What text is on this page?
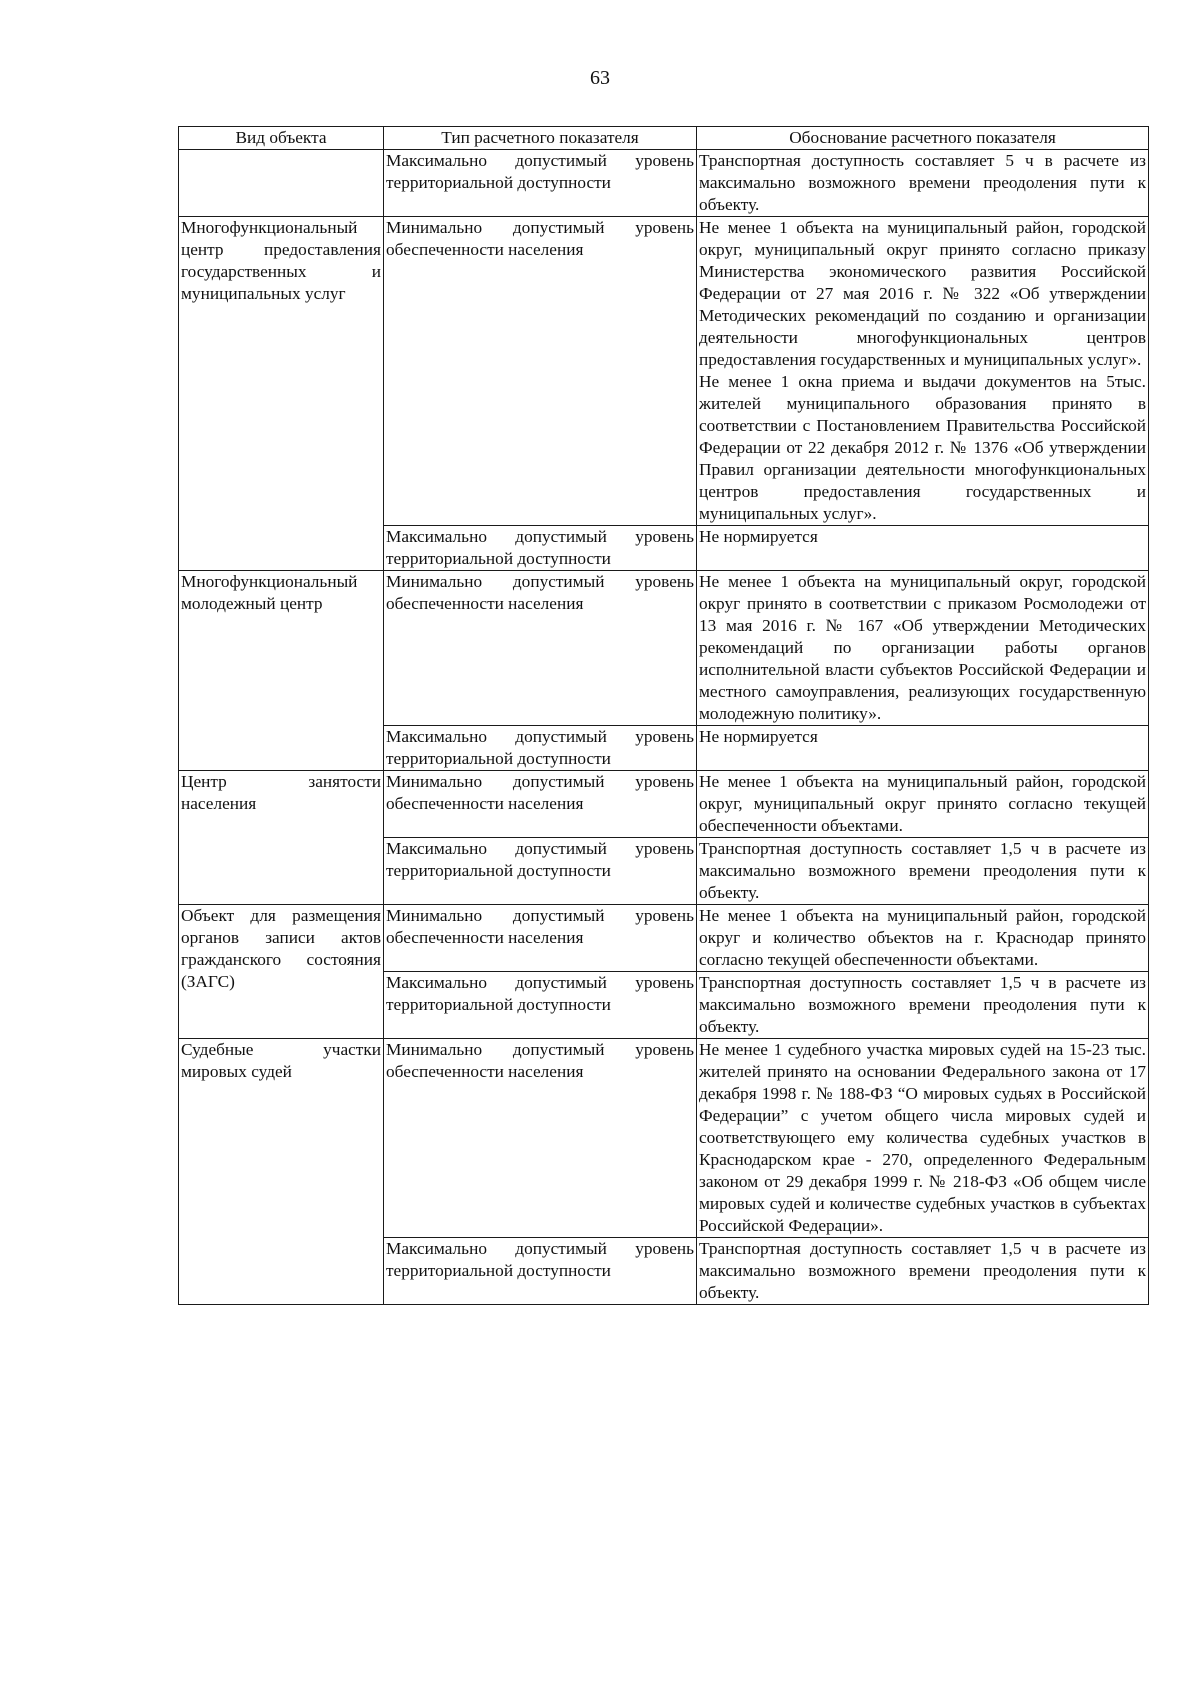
63
Вид объекта	Тип расчетного показателя	Обоснование расчетного показателя
	Максимально допустимый уровень территориальной доступности	Транспортная доступность составляет 5 ч в расчете из максимально возможного времени преодоления пути к объекту.

Многофункциональный центр предоставления государственных и муниципальных услуг	Минимально допустимый уровень обеспеченности населения	Не менее 1 объекта на муниципальный район, городской округ, муниципальный округ принято согласно приказу Министерства экономического развития Российской Федерации от 27 мая 2016 г. № 322 «Об утверждении Методических рекомендаций по созданию и организации деятельности многофункциональных центров предоставления государственных и муниципальных услуг».
Не менее 1 окна приема и выдачи документов на 5тыс. жителей муниципального образования принято в соответствии с Постановлением Правительства Российской Федерации от 22 декабря 2012 г. № 1376 «Об утверждении Правил организации деятельности многофункциональных центров предоставления государственных и муниципальных услуг».

	Максимально допустимый уровень территориальной доступности	Не нормируется

Многофункциональный молодежный центр	Минимально допустимый уровень обеспеченности населения	Не менее 1 объекта на муниципальный округ, городской округ принято в соответствии с приказом Росмолодежи от 13 мая 2016 г. № 167 «Об утверждении Методических рекомендаций по организации работы органов исполнительной власти субъектов Российской Федерации и местного самоуправления, реализующих государственную молодежную политику».

	Максимально допустимый уровень территориальной доступности	Не нормируется

Центр занятости населения	Минимально допустимый уровень обеспеченности населения	Не менее 1 объекта на муниципальный район, городской округ, муниципальный округ принято согласно текущей обеспеченности объектами.

	Максимально допустимый уровень территориальной доступности	Транспортная доступность составляет 1,5 ч в расчете из максимально возможного времени преодоления пути к объекту.

Объект для размещения органов записи актов гражданского состояния (ЗАГС)	Минимально допустимый уровень обеспеченности населения	Не менее 1 объекта на муниципальный район, городской округ и количество объектов на г. Краснодар принято согласно текущей обеспеченности объектами.

	Максимально допустимый уровень территориальной доступности	Транспортная доступность составляет 1,5 ч в расчете из максимально возможного времени преодоления пути к объекту.

Судебные участки мировых судей	Минимально допустимый уровень обеспеченности населения	Не менее 1 судебного участка мировых судей на 15-23 тыс. жителей принято на основании Федерального закона от 17 декабря 1998 г. № 188-ФЗ “О мировых судьях в Российской Федерации” с учетом общего числа мировых судей и соответствующего ему количества судебных участков в Краснодарском крае - 270, определенного Федеральным законом от 29 декабря 1999 г. № 218-ФЗ «Об общем числе мировых судей и количестве судебных участков в субъектах Российской Федерации».

	Максимально допустимый уровень территориальной доступности	Транспортная доступность составляет 1,5 ч в расчете из максимально возможного времени преодоления пути к объекту.
